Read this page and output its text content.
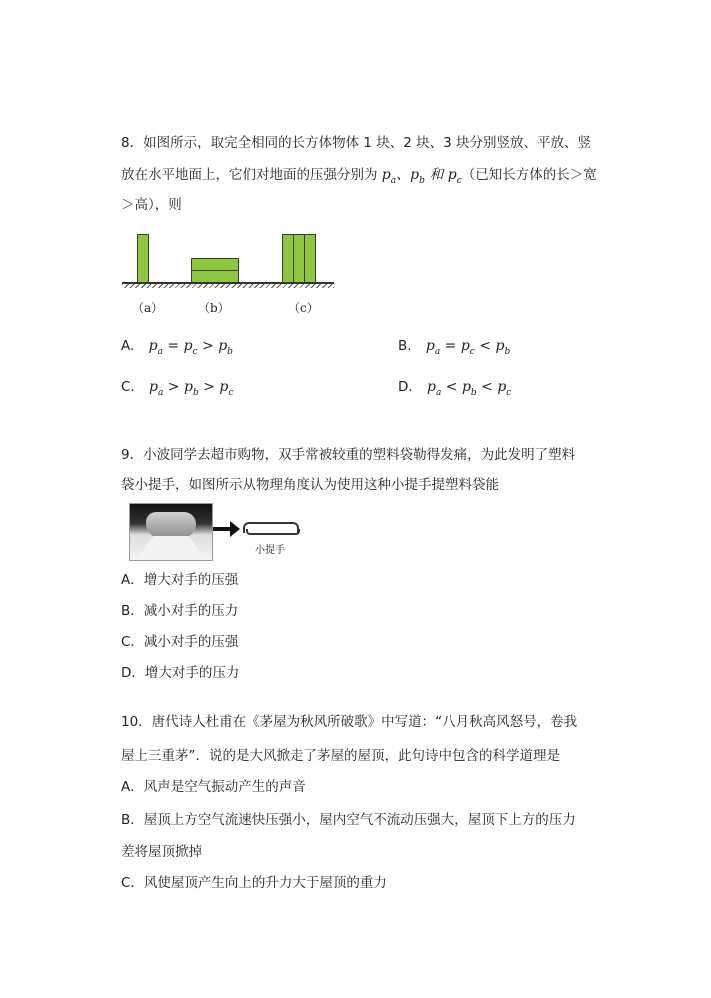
8．如图所示，取完全相同的长方体物体 1 块、2 块、3 块分别竖放、平放、竖
放在水平地面上，它们对地面的压强分别为 $p_a$、$p_b$ 和 $p_c$（已知长方体的长＞宽
＞高），则
（a）	（b）	（c）
A. $p_a = p_c > p_b$	B. $p_a = p_c < p_b$
C. $p_a > p_b > p_c$	D. $p_a < p_b < p_c$
9．小波同学去超市购物，双手常被较重的塑料袋勒得发痛，为此发明了塑料
袋小提手，如图所示从物理角度认为使用这种小提手提塑料袋能
小提手
A．增大对手的压强
B．减小对手的压力
C．减小对手的压强
D．增大对手的压力
10．唐代诗人杜甫在《茅屋为秋风所破歌》中写道：“八月秋高风怒号，卷我
屋上三重茅”．说的是大风掀走了茅屋的屋顶，此句诗中包含的科学道理是
A．风声是空气振动产生的声音
B．屋顶上方空气流速快压强小，屋内空气不流动压强大，屋顶下上方的压力
差将屋顶掀掉
C．风使屋顶产生向上的升力大于屋顶的重力
